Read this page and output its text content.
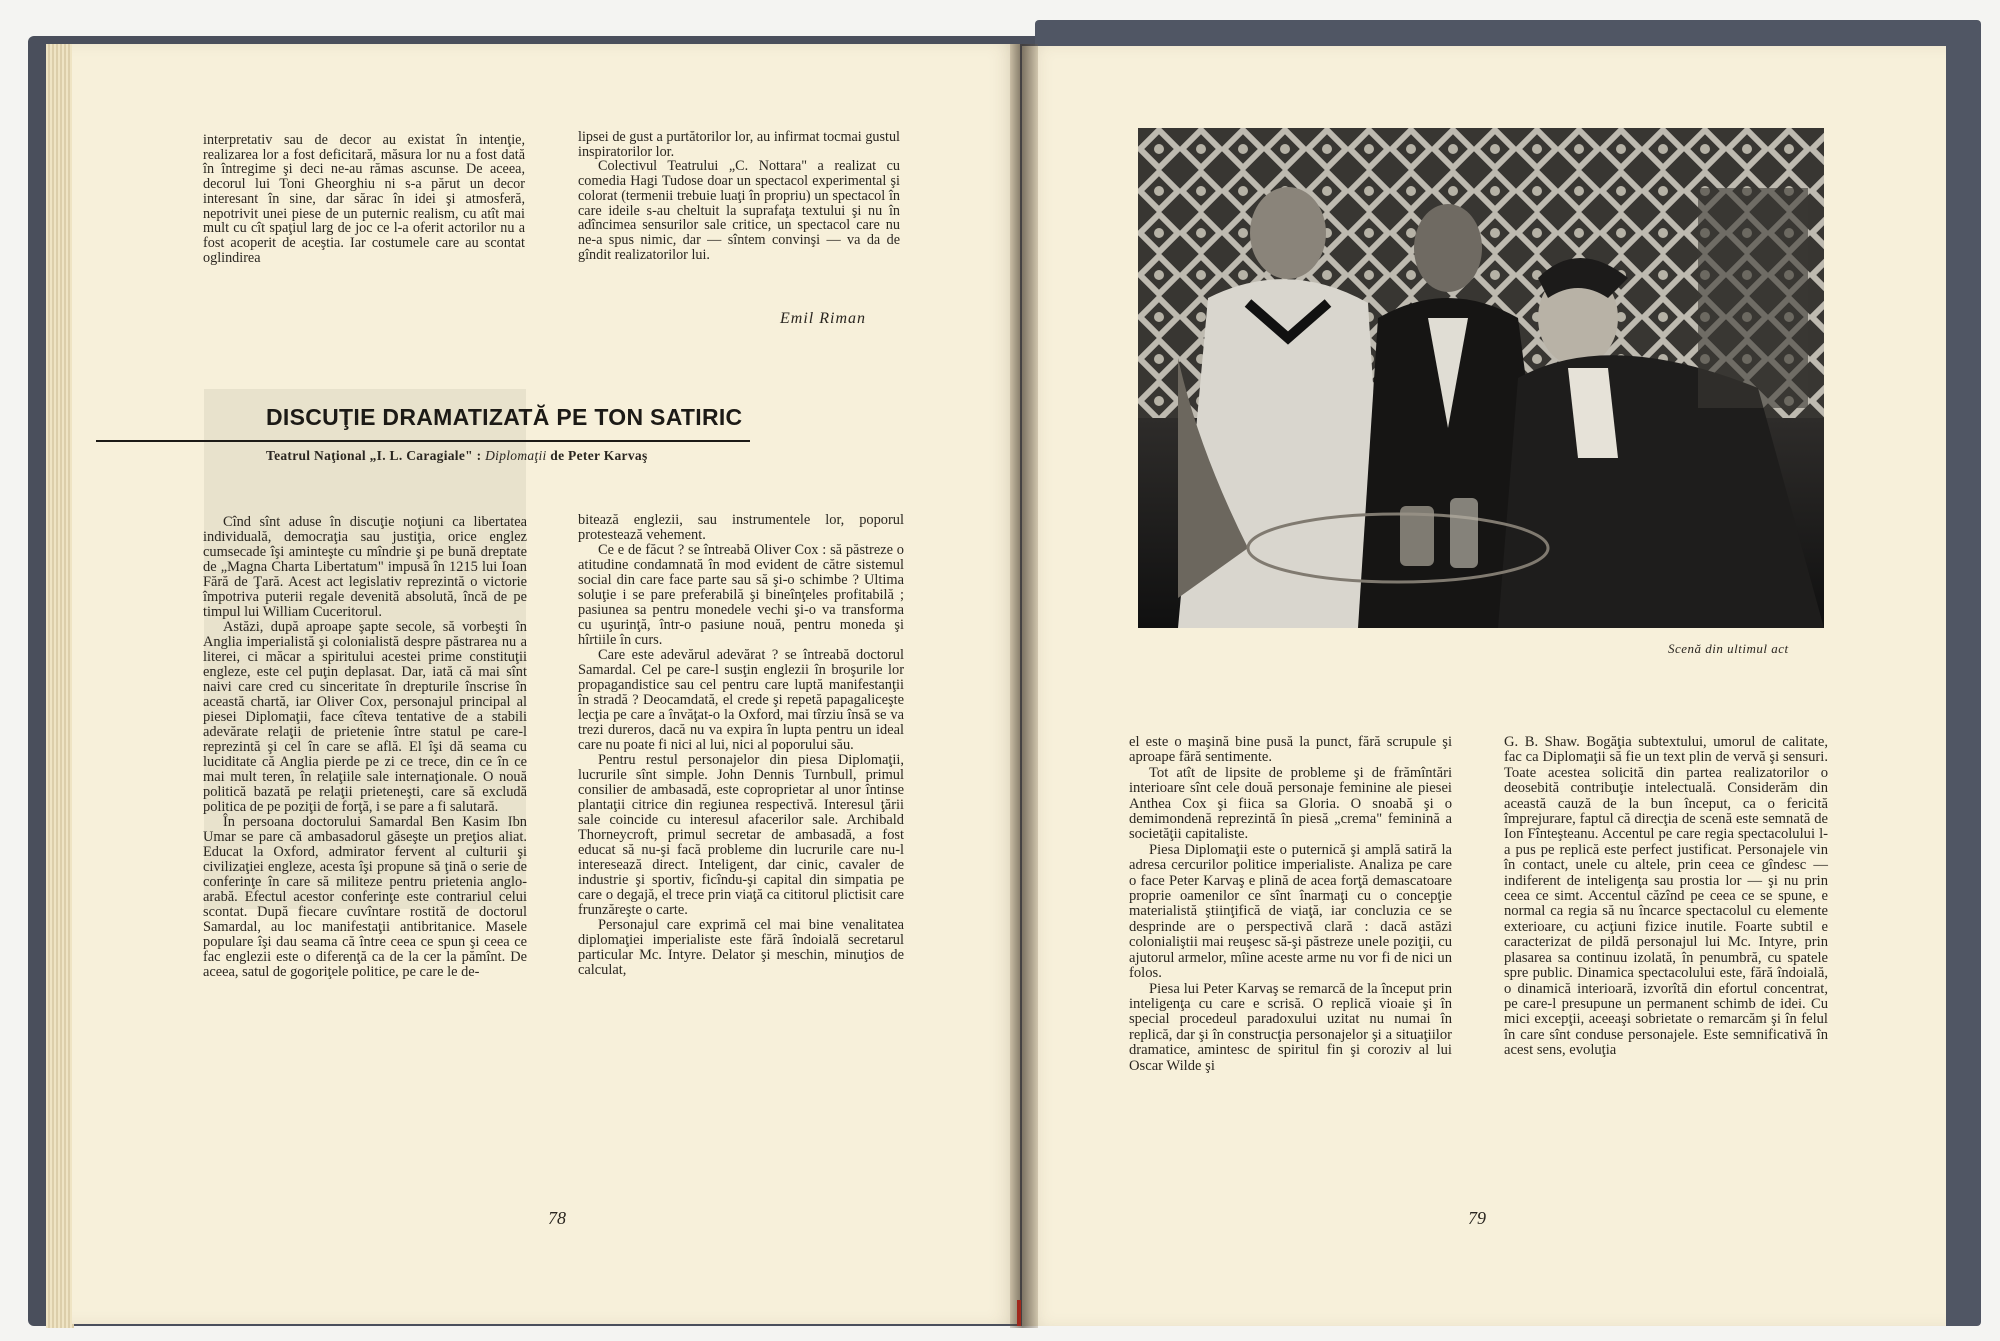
interpretativ sau de decor au existat în intenţie, realizarea lor a fost deficitară, măsura lor nu a fost dată în întregime şi deci ne-au rămas ascunse. De aceea, decorul lui Toni Gheorghiu ni s-a părut un decor interesant în sine, dar sărac în idei şi atmosferă, nepotrivit unei piese de un puternic realism, cu atît mai mult cu cît spaţiul larg de joc ce l-a oferit actorilor nu a fost acoperit de aceştia. Iar costumele care au scontat oglindirea

lipsei de gust a purtătorilor lor, au infirmat tocmai gustul inspiratorilor lor.

Colectivul Teatrului „C. Nottara" a realizat cu comedia Hagi Tudose doar un spectacol experimental şi colorat (termenii trebuie luaţi în propriu) un spectacol în care ideile s-au cheltuit la suprafaţa textului şi nu în adîncimea sensurilor sale critice, un spectacol care nu ne-a spus nimic, dar — sîntem convinşi — va da de gîndit realizatorilor lui.

Emil Riman
DISCUŢIE DRAMATIZATĂ PE TON SATIRIC
Teatrul Naţional „I. L. Caragiale" : Diplomaţii de Peter Karvaş

Cînd sînt aduse în discuţie noţiuni ca libertatea individuală, democraţia sau justiţia, orice englez cumsecade îşi aminteşte cu mîndrie şi pe bună dreptate de „Magna Charta Libertatum" impusă în 1215 lui Ioan Fără de Ţară. Acest act legislativ reprezintă o victorie împotriva puterii regale devenită absolută, încă de pe timpul lui William Cuceritorul.

Astăzi, după aproape şapte secole, să vorbeşti în Anglia imperialistă şi colonialistă despre păstrarea nu a literei, ci măcar a spiritului acestei prime constituţii engleze, este cel puţin deplasat. Dar, iată că mai sînt naivi care cred cu sinceritate în drepturile înscrise în această chartă, iar Oliver Cox, personajul principal al piesei Diplomaţii, face cîteva tentative de a stabili adevărate relaţii de prietenie între statul pe care-l reprezintă şi cel în care se află. El îşi dă seama cu luciditate că Anglia pierde pe zi ce trece, din ce în ce mai mult teren, în relaţiile sale internaţionale. O nouă politică bazată pe relaţii prieteneşti, care să excludă politica de pe poziţii de forţă, i se pare a fi salutară.

În persoana doctorului Samardal Ben Kasim Ibn Umar se pare că ambasadorul găseşte un preţios aliat. Educat la Oxford, admirator fervent al culturii şi civilizaţiei engleze, acesta îşi propune să ţină o serie de conferinţe în care să militeze pentru prietenia anglo-arabă. Efectul acestor conferinţe este contrariul celui scontat. După fiecare cuvîntare rostită de doctorul Samardal, au loc manifestaţii antibritanice. Masele populare îşi dau seama că între ceea ce spun şi ceea ce fac englezii este o diferenţă ca de la cer la pămînt. De aceea, satul de gogoriţele politice, pe care le de-

bitează englezii, sau instrumentele lor, poporul protestează vehement.

Ce e de făcut ? se întreabă Oliver Cox : să păstreze o atitudine condamnată în mod evident de către sistemul social din care face parte sau să şi-o schimbe ? Ultima soluţie i se pare preferabilă şi bineînţeles profitabilă ; pasiunea sa pentru monedele vechi şi-o va transforma cu uşurinţă, într-o pasiune nouă, pentru moneda şi hîrtiile în curs.

Care este adevărul adevărat ? se întreabă doctorul Samardal. Cel pe care-l susţin englezii în broşurile lor propagandistice sau cel pentru care luptă manifestanţii în stradă ? Deocamdată, el crede şi repetă papagaliceşte lecţia pe care a învăţat-o la Oxford, mai tîrziu însă se va trezi dureros, dacă nu va expira în lupta pentru un ideal care nu poate fi nici al lui, nici al poporului său.

Pentru restul personajelor din piesa Diplomaţii, lucrurile sînt simple. John Dennis Turnbull, primul consilier de ambasadă, este coproprietar al unor întinse plantaţii citrice din regiunea respectivă. Interesul ţării sale coincide cu interesul afacerilor sale. Archibald Thorneycroft, primul secretar de ambasadă, a fost educat să nu-şi facă probleme din lucrurile care nu-l interesează direct. Inteligent, dar cinic, cavaler de industrie şi sportiv, ficîndu-şi capital din simpatia pe care o degajă, el trece prin viaţă ca cititorul plictisit care frunzăreşte o carte.

Personajul care exprimă cel mai bine venalitatea diplomaţiei imperialiste este fără îndoială secretarul particular Mc. Intyre. Delator şi meschin, minuţios de calculat,

78
Scenă din ultimul act

el este o maşină bine pusă la punct, fără scrupule şi aproape fără sentimente.

Tot atît de lipsite de probleme şi de frămîntări interioare sînt cele două personaje feminine ale piesei Anthea Cox şi fiica sa Gloria. O snoabă şi o demimondenă reprezintă în piesă „crema" feminină a societăţii capitaliste.

Piesa Diplomaţii este o puternică şi amplă satiră la adresa cercurilor politice imperialiste. Analiza pe care o face Peter Karvaş e plină de acea forţă demascatoare proprie oamenilor ce sînt înarmaţi cu o concepţie materialistă ştiinţifică de viaţă, iar concluzia ce se desprinde are o perspectivă clară : dacă astăzi colonialiştii mai reuşesc să-şi păstreze unele poziţii, cu ajutorul armelor, mîine aceste arme nu vor fi de nici un folos.

Piesa lui Peter Karvaş se remarcă de la început prin inteligenţa cu care e scrisă. O replică vioaie şi în special procedeul paradoxului uzitat nu numai în replică, dar şi în construcţia personajelor şi a situaţiilor dramatice, amintesc de spiritul fin şi coroziv al lui Oscar Wilde şi

G. B. Shaw. Bogăţia subtextului, umorul de calitate, fac ca Diplomaţii să fie un text plin de vervă şi sensuri. Toate acestea solicită din partea realizatorilor o deosebită contribuţie intelectuală. Considerăm din această cauză de la bun început, ca o fericită împrejurare, faptul că direcţia de scenă este semnată de Ion Fînteşteanu. Accentul pe care regia spectacolului l-a pus pe replică este perfect justificat. Personajele vin în contact, unele cu altele, prin ceea ce gîndesc — indiferent de inteligenţa sau prostia lor — şi nu prin ceea ce simt. Accentul căzînd pe ceea ce se spune, e normal ca regia să nu încarce spectacolul cu elemente exterioare, cu acţiuni fizice inutile. Foarte subtil e caracterizat de pildă personajul lui Mc. Intyre, prin plasarea sa continuu izolată, în penumbră, cu spatele spre public. Dinamica spectacolului este, fără îndoială, o dinamică interioară, izvorîtă din efortul concentrat, pe care-l presupune un permanent schimb de idei. Cu mici excepţii, aceeaşi sobrietate o remarcăm şi în felul în care sînt conduse personajele. Este semnificativă în acest sens, evoluţia

79
